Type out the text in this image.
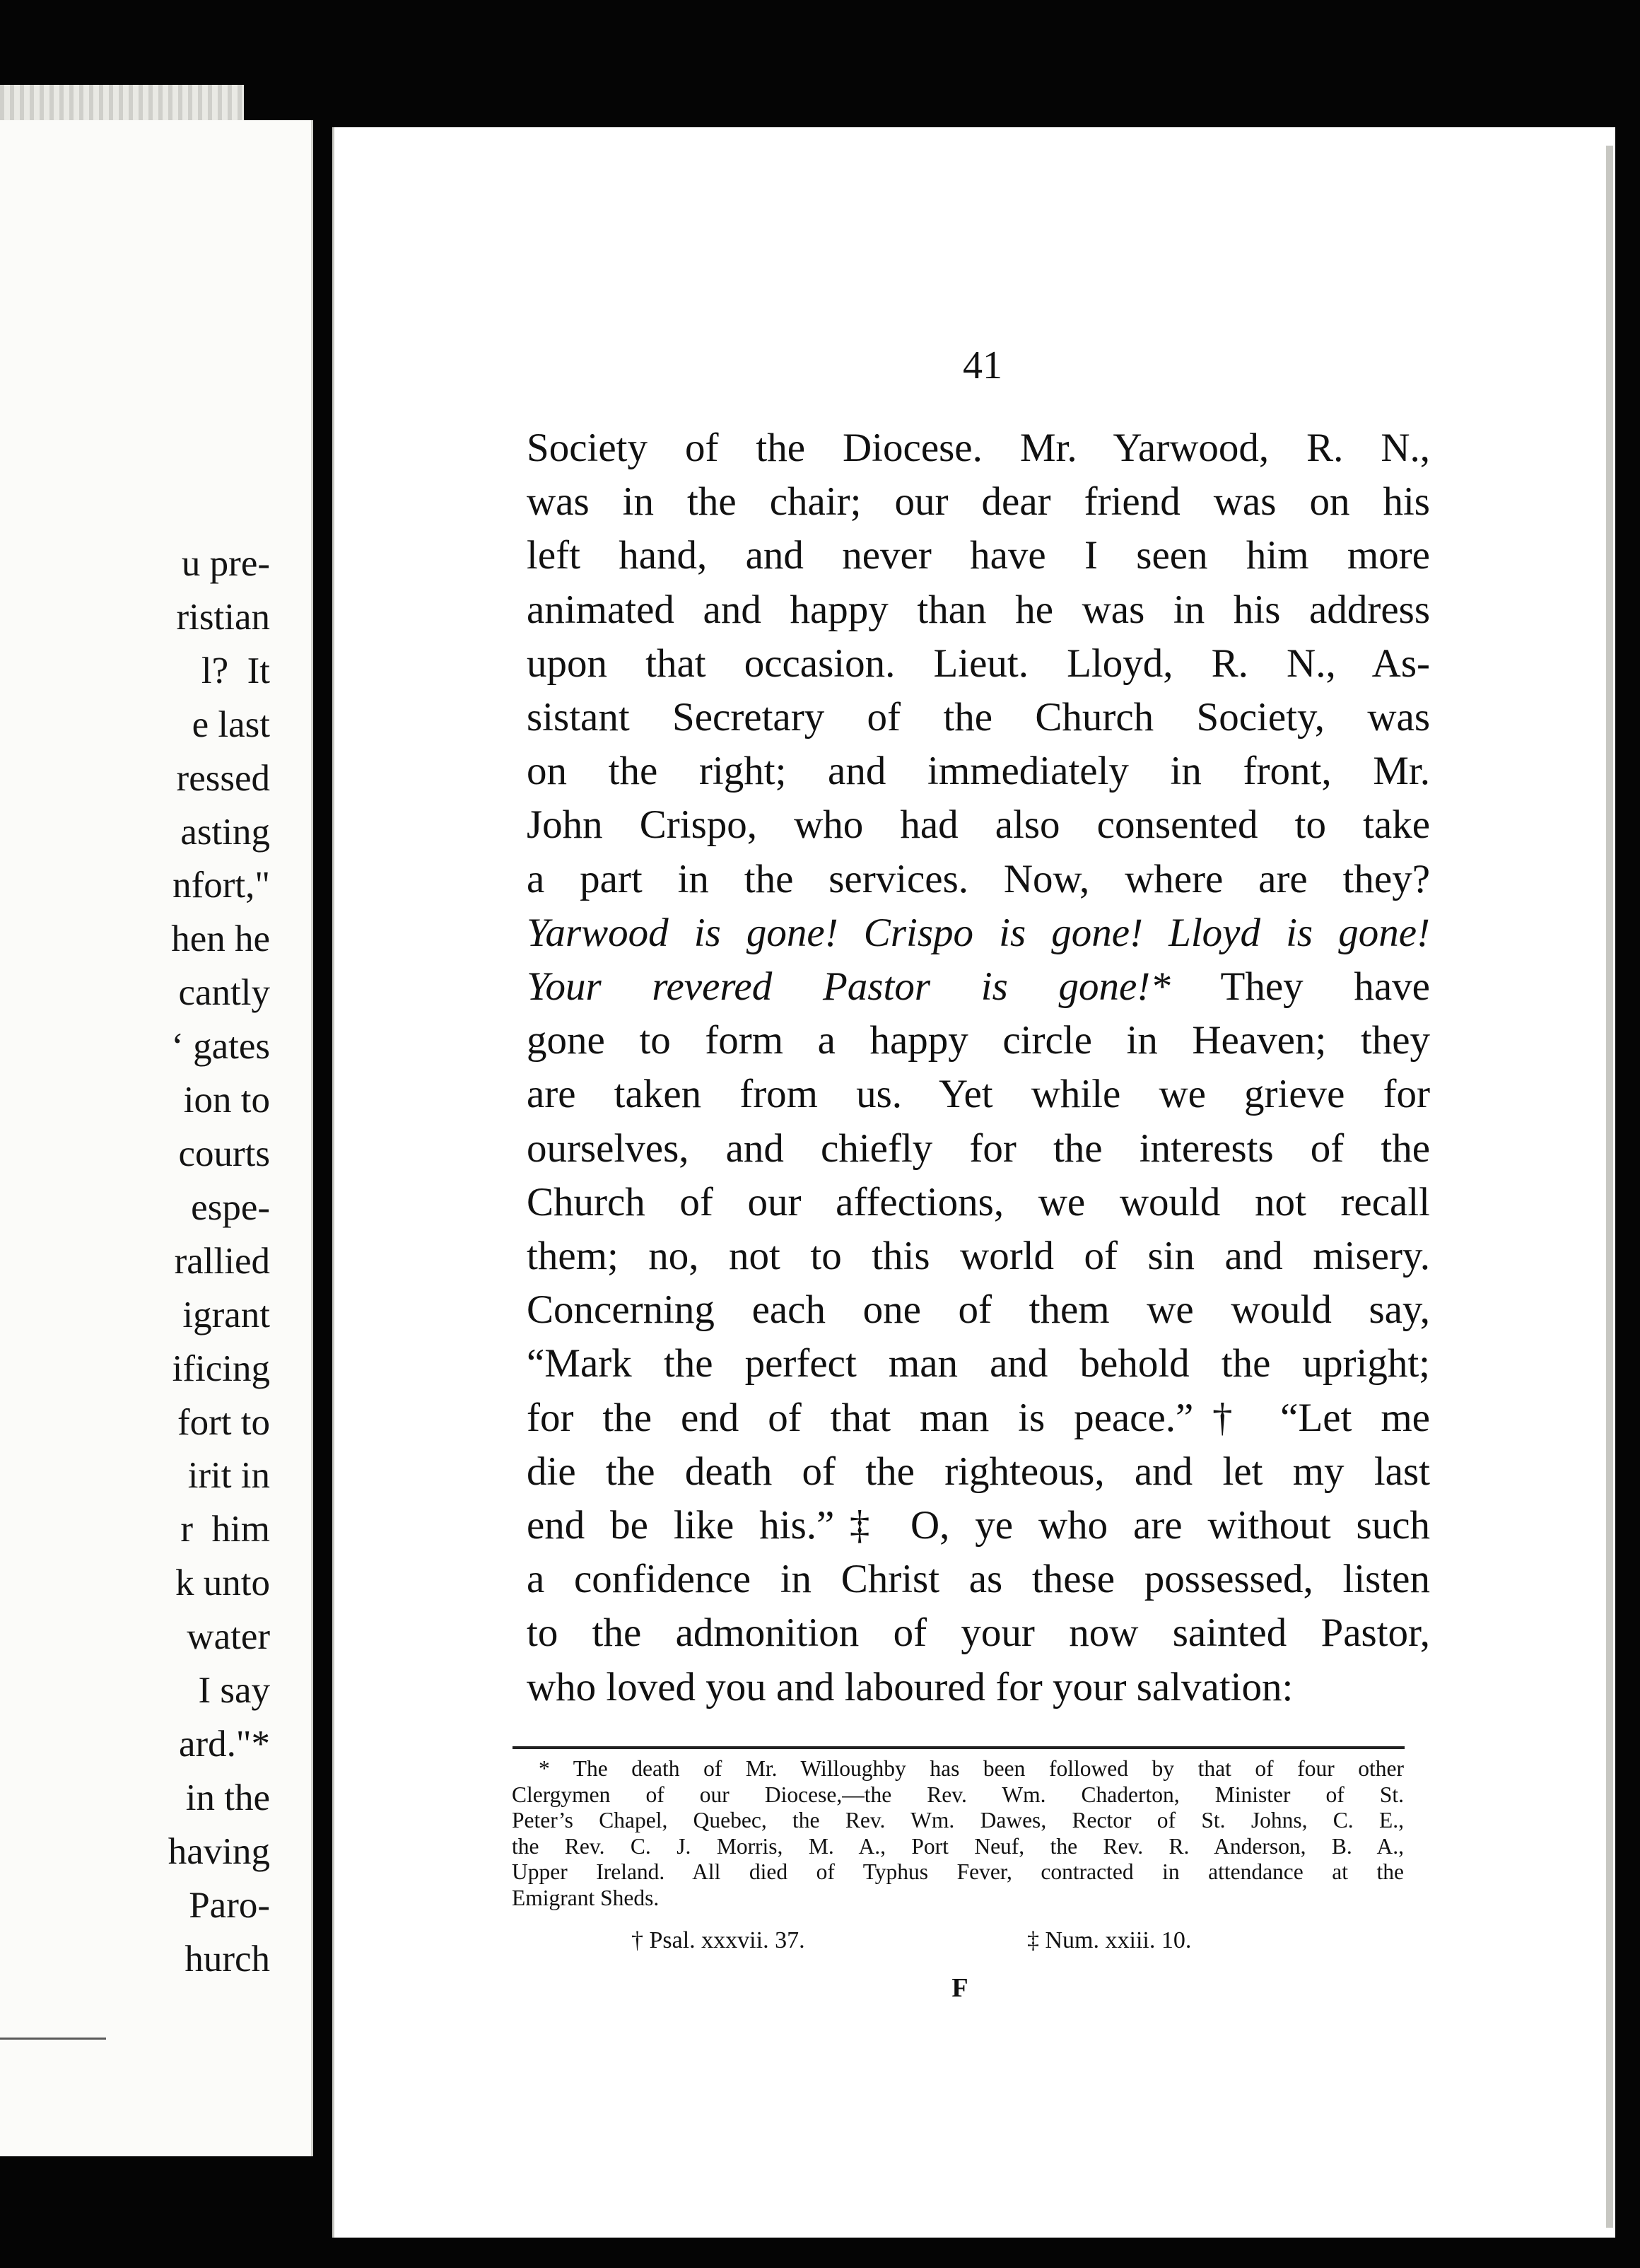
u pre-
ristian
l?  It
e last
ressed
asting
nfort,"
hen he
cantly
‘ gates
ion to
courts
espe-
rallied
igrant
ificing
fort to
irit in
r  him
k unto
water
I say
ard."*
in the
having
Paro-
hurch
41
Society of the Diocese. Mr. Yarwood, R. N.,
was in the chair; our dear friend was on his
left hand, and never have I seen him more
animated and happy than he was in his address
upon that occasion. Lieut. Lloyd, R. N., As-
sistant Secretary of the Church Society, was
on the right; and immediately in front, Mr.
John Crispo, who had also consented to take
a part in the services. Now, where are they?
Yarwood is gone! Crispo is gone! Lloyd is gone!
Your revered Pastor is gone!* They have
gone to form a happy circle in Heaven; they
are taken from us. Yet while we grieve for
ourselves, and chiefly for the interests of the
Church of our affections, we would not recall
them; no, not to this world of sin and misery.
Concerning each one of them we would say,
“Mark the perfect man and behold the upright;
for the end of that man is peace.”† “Let me
die the death of the righteous, and let my last
end be like his.”‡ O, ye who are without such
a confidence in Christ as these possessed, listen
to the admonition of your now sainted Pastor,
who loved you and laboured for your salvation:
* The death of Mr. Willoughby has been followed by that of four other
Clergymen of our Diocese,—the Rev. Wm. Chaderton, Minister of St.
Peter’s Chapel, Quebec, the Rev. Wm. Dawes, Rector of St. Johns, C. E.,
the Rev. C. J. Morris, M. A., Port Neuf, the Rev. R. Anderson, B. A.,
Upper Ireland. All died of Typhus Fever, contracted in attendance at the
Emigrant Sheds.
† Psal. xxxvii. 37.	‡ Num. xxiii. 10.
F
